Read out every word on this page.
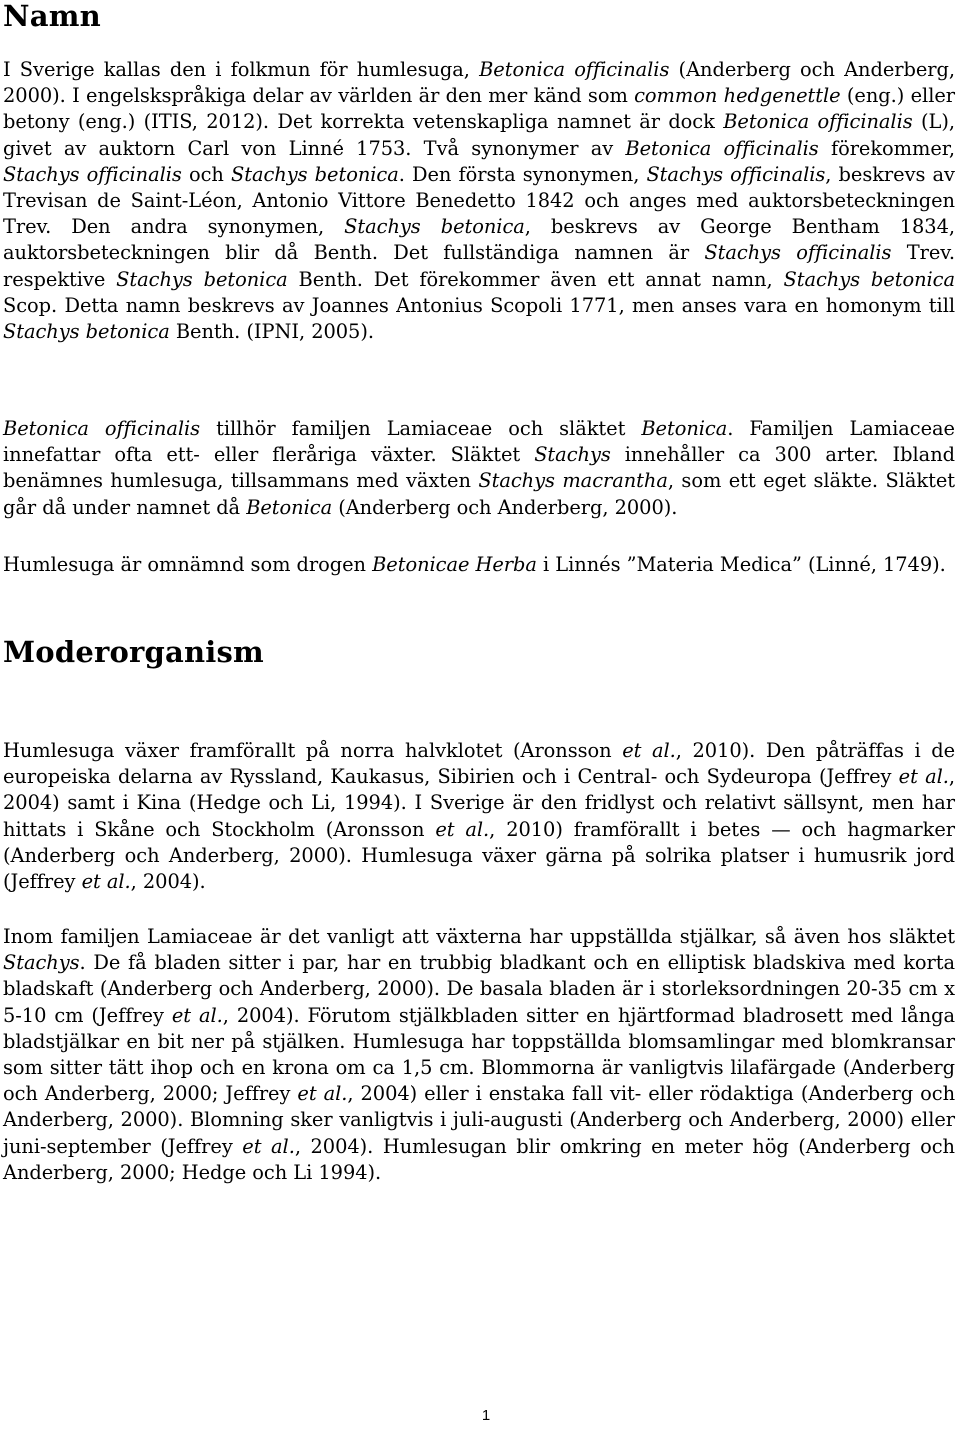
Namn

I Sverige kallas den i folkmun för humlesuga, Betonica officinalis (Anderberg och Anderberg, 2000). I engelskspråkiga delar av världen är den mer känd som common hedgenettle (eng.) eller betony (eng.) (ITIS, 2012). Det korrekta vetenskapliga namnet är dock Betonica officinalis (L), givet av auktorn Carl von Linné 1753. Två synonymer av Betonica officinalis förekommer, Stachys officinalis och Stachys betonica. Den första synonymen, Stachys officinalis, beskrevs av Trevisan de Saint-Léon, Antonio Vittore Benedetto 1842 och anges med auktorsbeteckningen Trev. Den andra synonymen, Stachys betonica, beskrevs av George Bentham 1834, auktorsbeteckningen blir då Benth. Det fullständiga namnen är Stachys officinalis Trev. respektive Stachys betonica Benth. Det förekommer även ett annat namn, Stachys betonica Scop. Detta namn beskrevs av Joannes Antonius Scopoli 1771, men anses vara en homonym till Stachys betonica Benth. (IPNI, 2005).

Betonica officinalis tillhör familjen Lamiaceae och släktet Betonica. Familjen Lamiaceae innefattar ofta ett- eller fleråriga växter. Släktet Stachys innehåller ca 300 arter. Ibland benämnes humlesuga, tillsammans med växten Stachys macrantha, som ett eget släkte. Släktet går då under namnet då Betonica (Anderberg och Anderberg, 2000).

Humlesuga är omnämnd som drogen Betonicae Herba i Linnés ”Materia Medica” (Linné, 1749).

Moderorganism

Humlesuga växer framförallt på norra halvklotet (Aronsson et al., 2010). Den påträffas i de europeiska delarna av Ryssland, Kaukasus, Sibirien och i Central- och Sydeuropa (Jeffrey et al., 2004) samt i Kina (Hedge och Li, 1994). I Sverige är den fridlyst och relativt sällsynt, men har hittats i Skåne och Stockholm (Aronsson et al., 2010) framförallt i betes — och hagmarker (Anderberg och Anderberg, 2000). Humlesuga växer gärna på solrika platser i humusrik jord (Jeffrey et al., 2004).

Inom familjen Lamiaceae är det vanligt att växterna har uppställda stjälkar, så även hos släktet Stachys. De få bladen sitter i par, har en trubbig bladkant och en elliptisk bladskiva med korta bladskaft (Anderberg och Anderberg, 2000). De basala bladen är i storleksordningen 20-35 cm x 5-10 cm (Jeffrey et al., 2004). Förutom stjälkbladen sitter en hjärtformad bladrosett med långa bladstjälkar en bit ner på stjälken. Humlesuga har toppställda blomsamlingar med blomkransar som sitter tätt ihop och en krona om ca 1,5 cm. Blommorna är vanligtvis lilafärgade (Anderberg och Anderberg, 2000; Jeffrey et al., 2004) eller i enstaka fall vit- eller rödaktiga (Anderberg och Anderberg, 2000). Blomning sker vanligtvis i juli-augusti (Anderberg och Anderberg, 2000) eller juni-september (Jeffrey et al., 2004). Humlesugan blir omkring en meter hög (Anderberg och Anderberg, 2000; Hedge och Li 1994).

1
